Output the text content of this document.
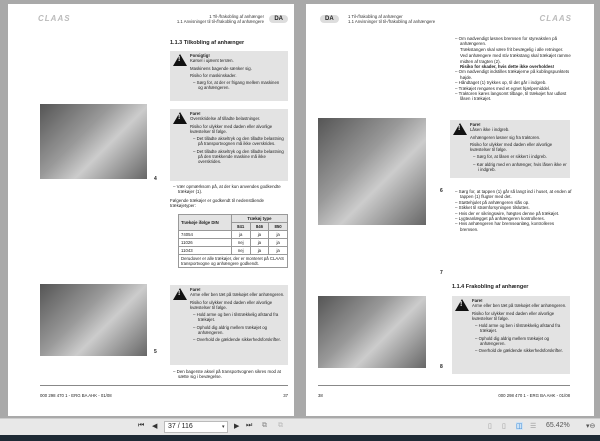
CLAAS	1 Til-/frakobling af anhænger
1.1 Anvisninger til til-/frakobling af anhængere	DA
1.1.3 Tilkobling af anhænger
!
Forsigtig!

Kørsel i ujævnt terræn.

Maskinens bagende sænker sig.

Risiko for maskinskader.

– Sørg for, at der er frigang mellem maskinen og anhængeren.

4
!
Fare!

Overskridelse af tilladte belastninger.

Risiko for ulykker med døden eller alvorlige kvæstelser til følge.

– Det tilladte akseltryk og den tilladte belastning på transportvognen må ikke overskrides.

– Det tilladte akseltryk og den tilladte belastning på den trækkende maskine må ikke overskrides.

– Vær opmærksom på, at der kun anvendes godkendte trækøjer (1).
Følgende trækøjer er godkendt til nedenstående trækøjetyper:
Trækøje ifølge DIN	Trækøj type		
	841	846	850
74054	ja	ja	ja
11026	nej	ja	ja
11043	nej	ja	ja
Derudover er alle trækøjer, der er monteret på CLAAS transportvogne og anhængere godkendt.			
5
!
Fare!

Arme eller ben tæt på trækøjet eller anhængeren.

Risiko for ulykker med døden eller alvorlige kvæstelser til følge.

– Hold arme og ben i tilstrækkelig afstand fra trækøjet.

– Ophold dig aldrig mellem trækøjet og anhængeren.

– Overhold de gældende sikkerhedsforskrifter.

– Den bagerste aksel på transportvognen sikres mod at sætte sig i bevægelse.
000 298 470 1 - ERG BA AHK - 01/08	37
DA	1 Til-/frakobling af anhænger
1.1 Anvisninger til til-/frakobling af anhængere	CLAAS
– Om nødvendigt løsnes bremsen for styreakslen på anhængeren.
Trækstangen skal være frit bevægelig i alle retninger.
Ved anhængere med stiv trækstang skal trækøjet ramme midten af tragten (2).
Risiko for skader, hvis dette ikke overholdes!
– Om nødvendigt indstilles trækøjerne på koblingspunktets højde.
– Håndtaget (1) trykkes op, til det går i indgreb.
– Trækøjet rengøres med et egnet hjælpemiddel.
– Traktoren køres langsomt tilbage, til trækøjet har udløst låsen i trækøjet.
6
!
Fare!

Låsen ikke i indgreb.

Anhængeren løsner sig fra traktoren.

Risiko for ulykker med døden eller alvorlige kvæstelser til følge.

– Sørg for, at låsen er sikkert i indgreb.

– Kør aldrig med en anhænger, hvis låsen ikke er i indgreb.

– Sørg for, at tappen (1) går så langt ind i huset, at enden af tappen (1) flugter med det.
– Støttehjulet på anhængeren slås op.
– Stikket til strømforsyningen tilsluttes.
– Hvis der er sikringswire, hægtes denne på trækøjet.
– Lygteanlægget på anhængeren kontrolleres.
– Hvis anhængeren har bremseanlæg, kontrolleres bremsen.
7
1.1.4 Frakobling af anhænger
8
!
Fare!

Arme eller ben tæt på trækøjet eller anhængeren.

Risiko for ulykker med døden eller alvorlige kvæstelser til følge.

– Hold arme og ben i tilstrækkelig afstand fra trækøjet.

– Ophold dig aldrig mellem trækøjet og anhængeren.

– Overhold de gældende sikkerhedsforskrifter.

38	000 298 470 1 - ERG BA AHK - 01/08
⏮ ◀	37 / 116	▾ ▶ ⏭ ⧉ ⧉	▯ ▯ ◫ ☰ 65.42% ▾⊖
